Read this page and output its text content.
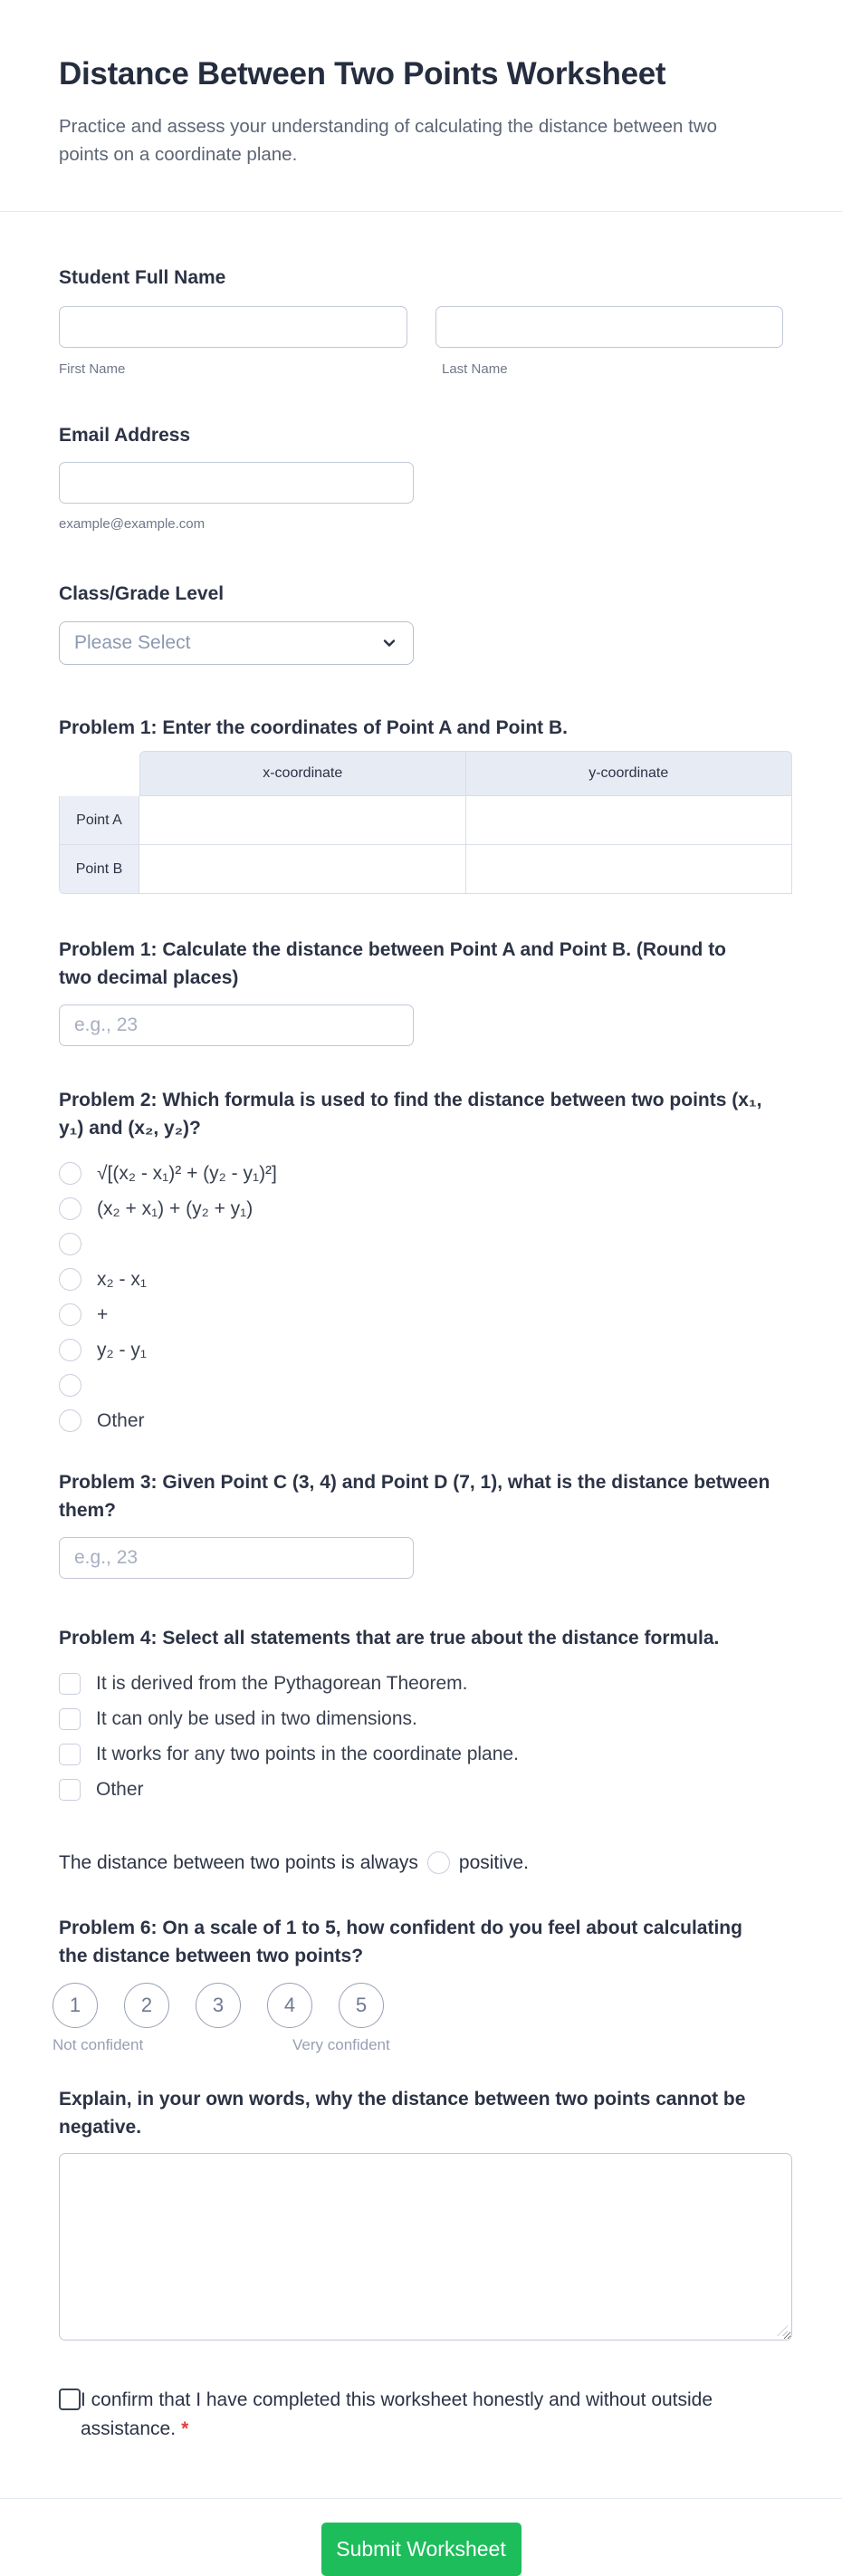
Distance Between Two Points Worksheet
Practice and assess your understanding of calculating the distance between two points on a coordinate plane.
Student Full Name
First Name	Last Name
Email Address
example@example.com
Class/Grade Level
Please Select
Problem 1: Enter the coordinates of Point A and Point B.
	x-coordinate	y-coordinate
Point A		
Point B		
Problem 1: Calculate the distance between Point A and Point B. (Round to two decimal places)
e.g., 23
Problem 2: Which formula is used to find the distance between two points (x₁, y₁) and (x₂, y₂)?
√[(x₂ - x₁)² + (y₂ - y₁)²]
(x₂ + x₁) + (y₂ + y₁)
x₂ - x₁
+
y₂ - y₁
Other
Problem 3: Given Point C (3, 4) and Point D (7, 1), what is the distance between them?
e.g., 23
Problem 4: Select all statements that are true about the distance formula.
It is derived from the Pythagorean Theorem.
It can only be used in two dimensions.
It works for any two points in the coordinate plane.
Other
The distance between two points is always positive.
Problem 6: On a scale of 1 to 5, how confident do you feel about calculating the distance between two points?
1	2	3	4	5
Not confident	Very confident
Explain, in your own words, why the distance between two points cannot be negative.
I confirm that I have completed this worksheet honestly and without outside assistance. *
Submit Worksheet
